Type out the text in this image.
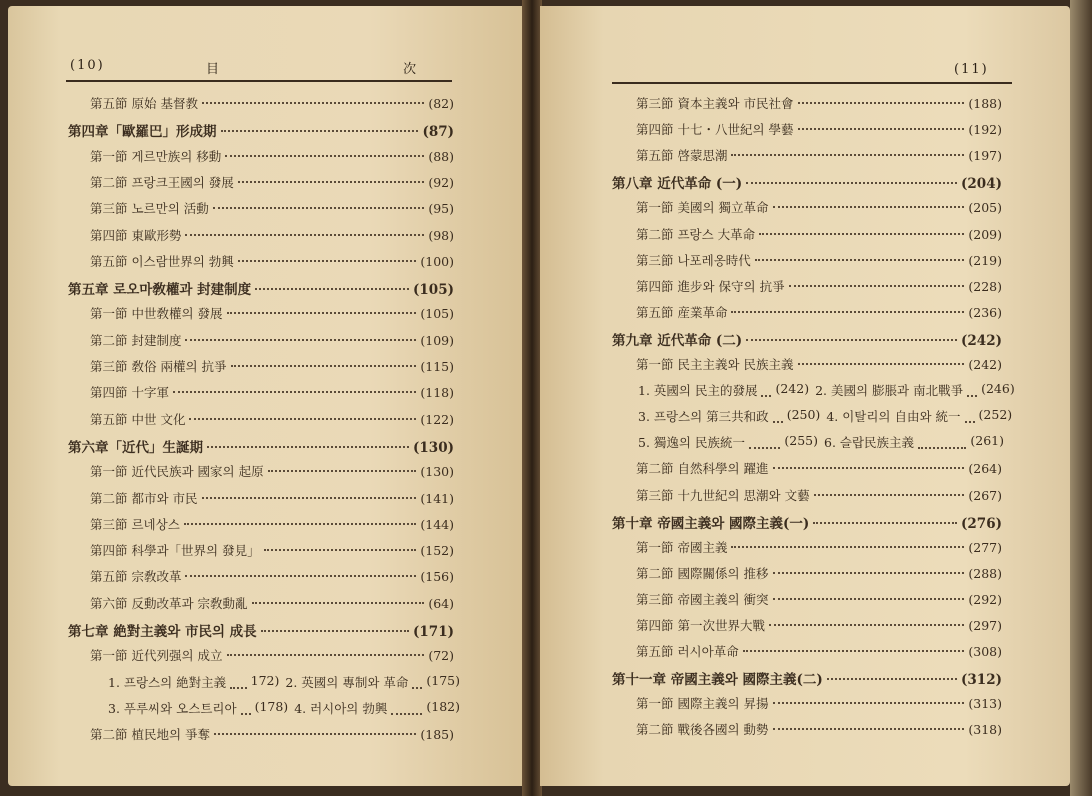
(10)	目 次
第五節 原始 基督教	(82)
第四章「歐羅巴」形成期	(87)
第一節 게르만族의 移動	(88)
第二節 프랑크王國의 發展	(92)
第三節 노르만의 活動	(95)
第四節 東歐形勢	(98)
第五節 이스람世界의 勃興	(100)
第五章 로오마敎權과 封建制度	(105)
第一節 中世敎權의 發展	(105)
第二節 封建制度	(109)
第三節 敎俗 兩權의 抗爭	(115)
第四節 十字軍	(118)
第五節 中世 文化	(122)
第六章「近代」生誕期	(130)
第一節 近代民族과 國家의 起原	(130)
第二節 都市와 市民	(141)
第三節 르네상스	(144)
第四節 科學과「世界의 發見」	(152)
第五節 宗敎改革	(156)
第六節 反動改革과 宗敎動亂	(64)
第七章 絶對主義와 市民의 成長	(171)
第一節 近代列强의 成立	(72)
1. 프랑스의 絶對主義 172) 2. 英國의 專制와 革命 (175)
3. 푸루씨와 오스트리아 (178) 4. 러시아의 勃興	(182)
第二節 植民地의 爭奪	(185)
(11)
第三節 資本主義와 市民社會	(188)
第四節 十七・八世紀의 學藝	(192)
第五節 啓蒙思潮	(197)
第八章 近代革命 (一)	(204)
第一節 美國의 獨立革命	(205)
第二節 프랑스 大革命	(209)
第三節 나포레옹時代	(219)
第四節 進步와 保守의 抗爭	(228)
第五節 産業革命	(236)
第九章 近代革命 (二)	(242)
第一節 民主主義와 民族主義	(242)
1. 英國의 民主的發展 (242) 2. 美國의 膨脹과 南北戰爭 (246)
3. 프랑스의 第三共和政 (250) 4. 이탈리의 自由와 統一 (252)
5. 獨逸의 民族統一	(255) 6. 슬랍民族主義	(261)
第二節 自然科學의 躍進	(264)
第三節 十九世紀의 思潮와 文藝	(267)
第十章 帝國主義와 國際主義(一)	(276)
第一節 帝國主義	(277)
第二節 國際關係의 推移	(288)
第三節 帝國主義의 衝突	(292)
第四節 第一次世界大戰	(297)
第五節 러시아革命	(308)
第十一章 帝國主義와 國際主義(二)	(312)
第一節 國際主義의 昇揚	(313)
第二節 戰後各國의 動勢	(318)
